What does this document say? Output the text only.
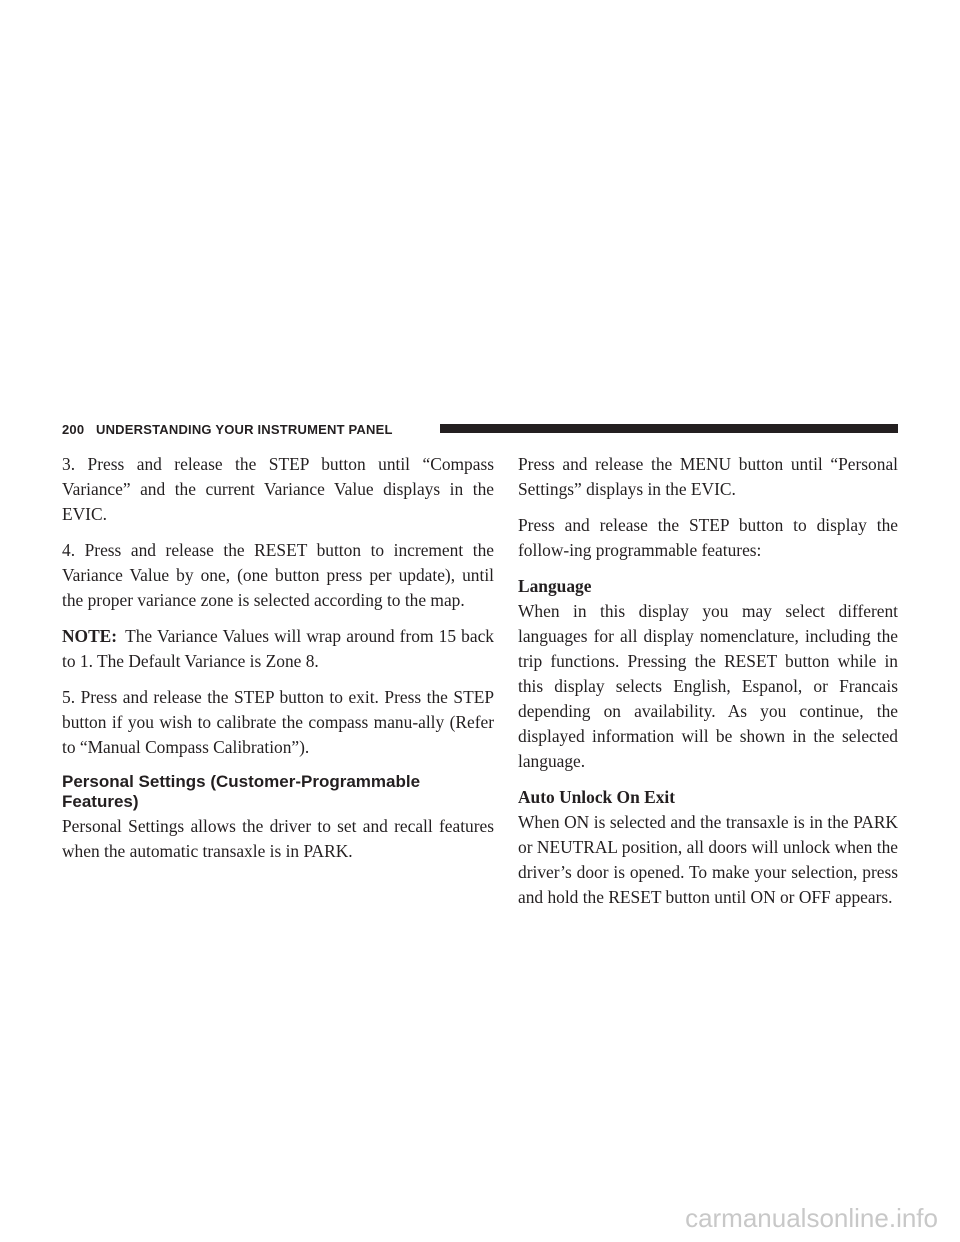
200 UNDERSTANDING YOUR INSTRUMENT PANEL

3. Press and release the STEP button until “Compass Variance” and the current Variance Value displays in the EVIC.

4. Press and release the RESET button to increment the Variance Value by one, (one button press per update), until the proper variance zone is selected according to the map.

NOTE: The Variance Values will wrap around from 15 back to 1. The Default Variance is Zone 8.

5. Press and release the STEP button to exit. Press the STEP button if you wish to calibrate the compass manu-ally (Refer to “Manual Compass Calibration”).

Personal Settings (Customer-Programmable Features)

Personal Settings allows the driver to set and recall features when the automatic transaxle is in PARK.

Press and release the MENU button until “Personal Settings” displays in the EVIC.

Press and release the STEP button to display the follow-ing programmable features:

Language

When in this display you may select different languages for all display nomenclature, including the trip functions. Pressing the RESET button while in this display selects English, Espanol, or Francais depending on availability. As you continue, the displayed information will be shown in the selected language.

Auto Unlock On Exit

When ON is selected and the transaxle is in the PARK or NEUTRAL position, all doors will unlock when the driver’s door is opened. To make your selection, press and hold the RESET button until ON or OFF appears.

carmanualsonline.info
